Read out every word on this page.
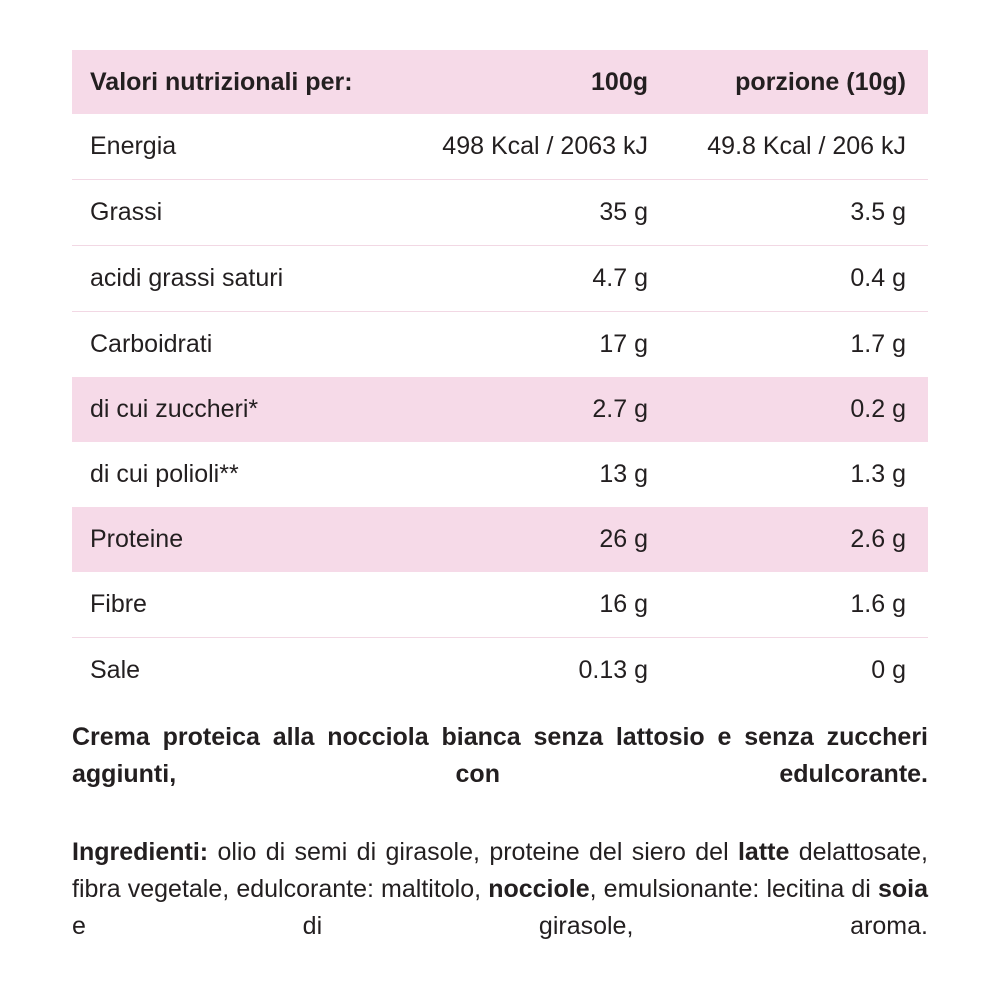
Valori nutrizionali per:	100g	porzione (10g)
Energia	498 Kcal / 2063 kJ	49.8 Kcal / 206 kJ
Grassi	35 g	3.5 g
acidi grassi saturi	4.7 g	0.4 g
Carboidrati	17 g	1.7 g
di cui zuccheri*	2.7 g	0.2 g
di cui polioli**	13 g	1.3 g
Proteine	26 g	2.6 g
Fibre	16 g	1.6 g
Sale	0.13 g	0 g

Crema proteica alla nocciola bianca senza lattosio e senza zuccheri aggiunti, con edulcorante.

Ingredienti: olio di semi di girasole, proteine del siero del latte delattosate, fibra vegetale, edulcorante: maltitolo, nocciole, emulsionante: lecitina di soia e di girasole, aroma.
